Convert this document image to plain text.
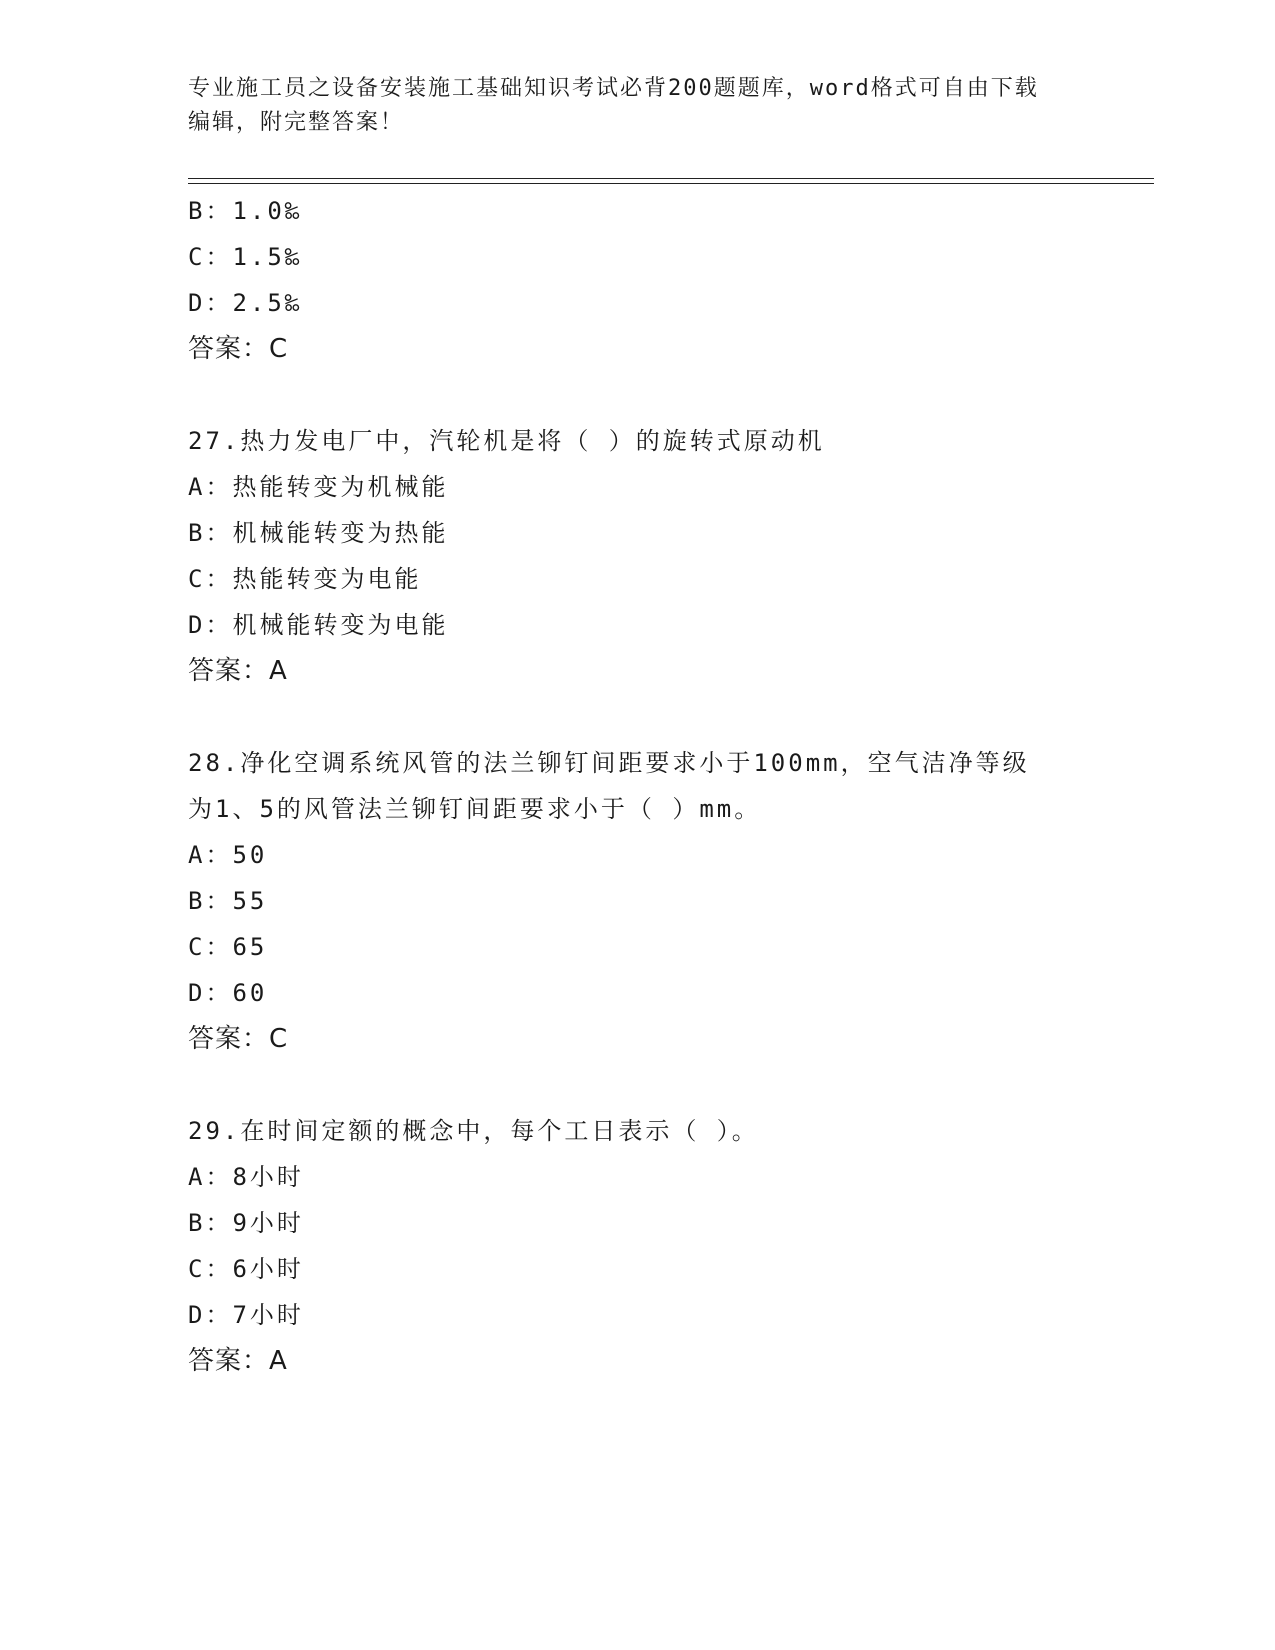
专业施工员之设备安装施工基础知识考试必背200题题库，word格式可自由下载
编辑，附完整答案！
B：1.0‰
C：1.5‰
D：2.5‰
答案：C
27.热力发电厂中，汽轮机是将（ ）的旋转式原动机
A：热能转变为机械能
B：机械能转变为热能
C：热能转变为电能
D：机械能转变为电能
答案：A
28.净化空调系统风管的法兰铆钉间距要求小于100mm，空气洁净等级
为1、5的风管法兰铆钉间距要求小于（ ）mm。
A：50
B：55
C：65
D：60
答案：C
29.在时间定额的概念中，每个工日表示（ ）。
A：8小时
B：9小时
C：6小时
D：7小时
答案：A
